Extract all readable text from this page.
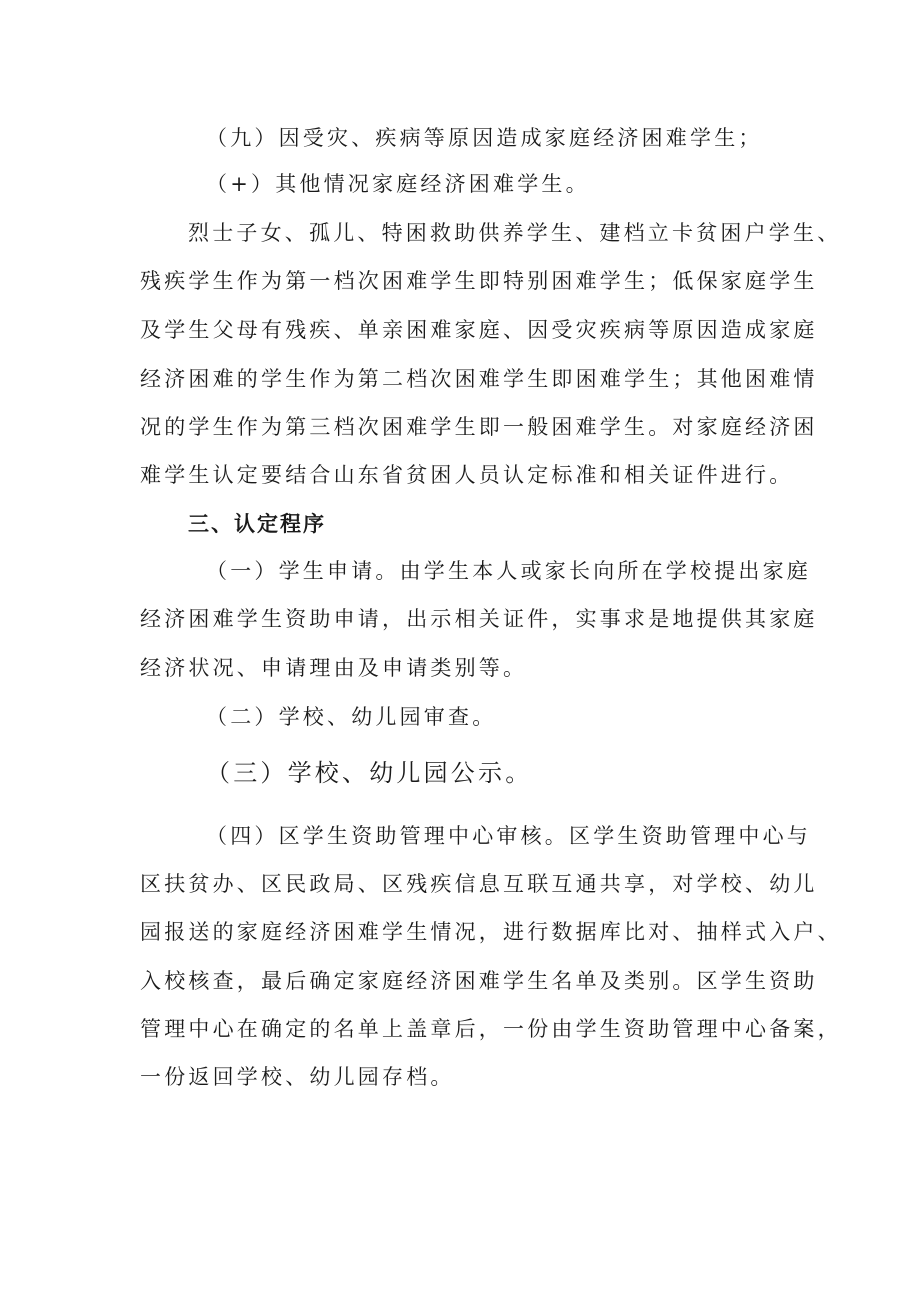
（九）因受灾、疾病等原因造成家庭经济困难学生；
（+）其他情况家庭经济困难学生。
烈士子女、孤儿、特困救助供养学生、建档立卡贫困户学生、
残疾学生作为第一档次困难学生即特别困难学生；低保家庭学生
及学生父母有残疾、单亲困难家庭、因受灾疾病等原因造成家庭
经济困难的学生作为第二档次困难学生即困难学生；其他困难情
况的学生作为第三档次困难学生即一般困难学生。对家庭经济困
难学生认定要结合山东省贫困人员认定标准和相关证件进行。
三、认定程序
（一）学生申请。由学生本人或家长向所在学校提出家庭
经济困难学生资助申请，出示相关证件，实事求是地提供其家庭
经济状况、申请理由及申请类别等。
（二）学校、幼儿园审查。
（三）学校、幼儿园公示。
（四）区学生资助管理中心审核。区学生资助管理中心与
区扶贫办、区民政局、区残疾信息互联互通共享，对学校、幼儿
园报送的家庭经济困难学生情况，进行数据库比对、抽样式入户、
入校核查，最后确定家庭经济困难学生名单及类别。区学生资助
管理中心在确定的名单上盖章后，一份由学生资助管理中心备案，
一份返回学校、幼儿园存档。
